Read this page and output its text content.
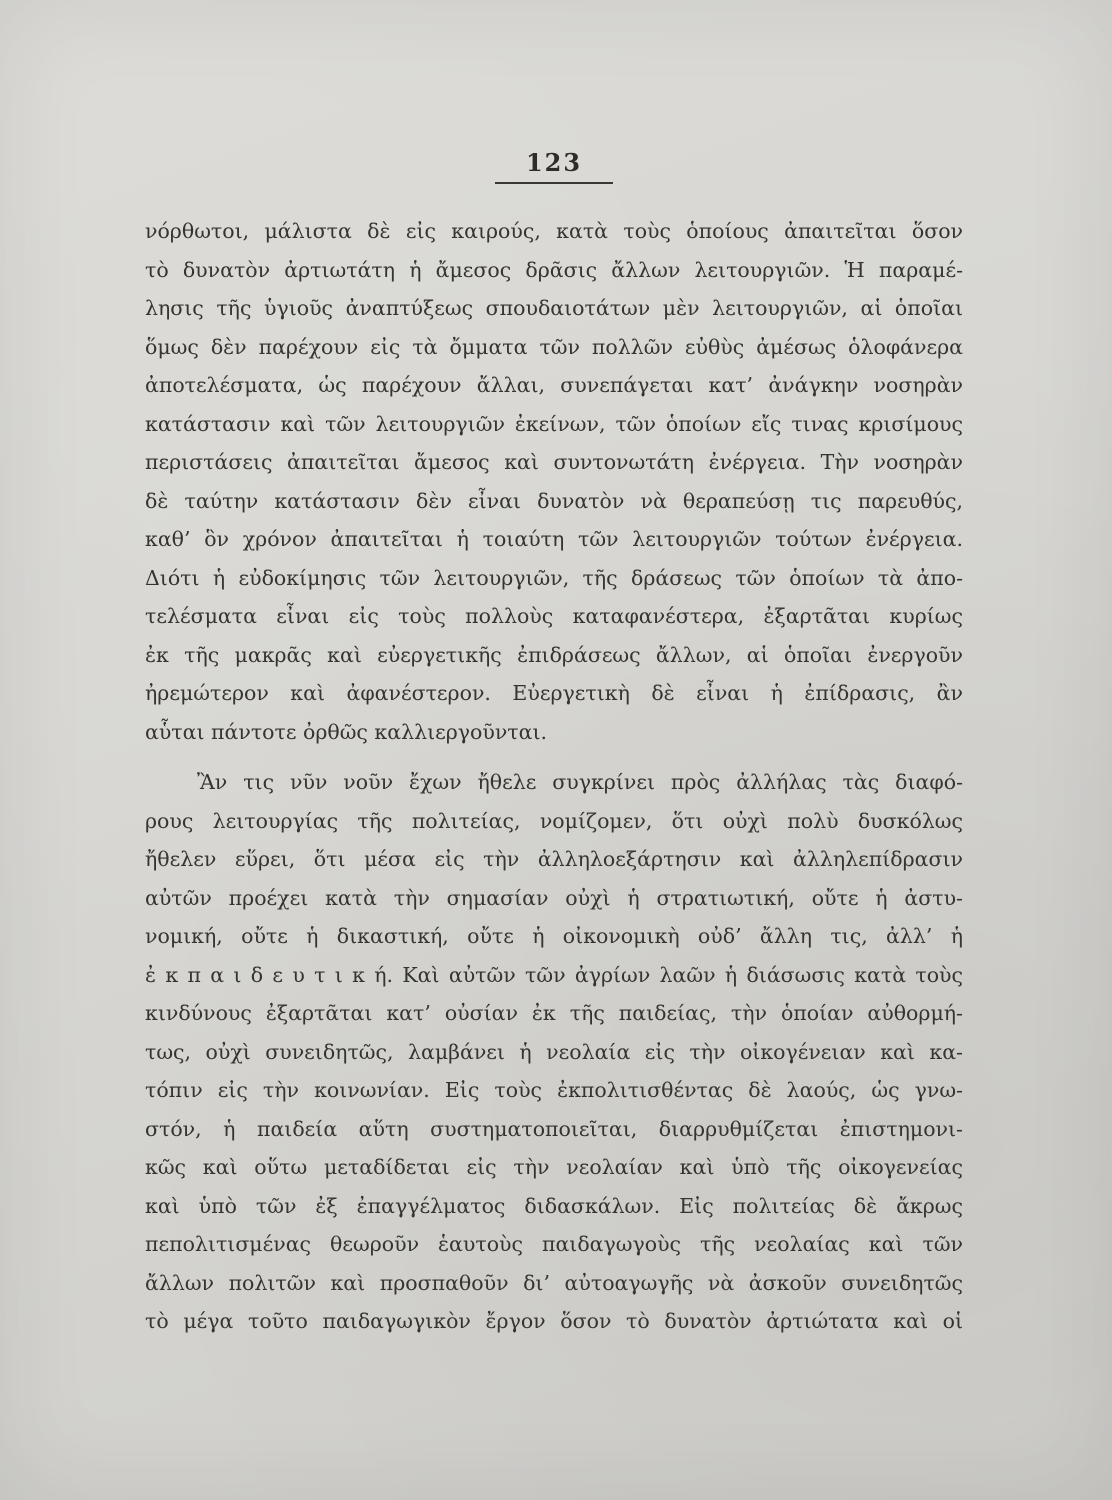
123
νόρθωτοι, μάλιστα δὲ εἰς καιρούς, κατὰ τοὺς ὁποίους ἀπαιτεῖται ὅσον
τὸ δυνατὸν ἀρτιωτάτη ἡ ἄμεσος δρᾶσις ἄλλων λειτουργιῶν. Ἡ παραμέ-
λησις τῆς ὑγιοῦς ἀναπτύξεως σπουδαιοτάτων μὲν λειτουργιῶν, αἱ ὁποῖαι
ὅμως δὲν παρέχουν εἰς τὰ ὄμματα τῶν πολλῶν εὐθὺς ἀμέσως ὁλοφάνερα
ἀποτελέσματα, ὡς παρέχουν ἄλλαι, συνεπάγεται κατ’ ἀνάγκην νοσηρὰν
κατάστασιν καὶ τῶν λειτουργιῶν ἐκείνων, τῶν ὁποίων εἴς τινας κρισίμους
περιστάσεις ἀπαιτεῖται ἄμεσος καὶ συντονωτάτη ἐνέργεια. Τὴν νοσηρὰν
δὲ ταύτην κατάστασιν δὲν εἶναι δυνατὸν νὰ θεραπεύσῃ τις παρευθύς,
καθ’ ὃν χρόνον ἀπαιτεῖται ἡ τοιαύτη τῶν λειτουργιῶν τούτων ἐνέργεια.
Διότι ἡ εὐδοκίμησις τῶν λειτουργιῶν, τῆς δράσεως τῶν ὁποίων τὰ ἀπο-
τελέσματα εἶναι εἰς τοὺς πολλοὺς καταφανέστερα, ἐξαρτᾶται κυρίως
ἐκ τῆς μακρᾶς καὶ εὐεργετικῆς ἐπιδράσεως ἄλλων, αἱ ὁποῖαι ἐνεργοῦν
ἠρεμώτερον καὶ ἀφανέστερον. Εὐεργετικὴ δὲ εἶναι ἡ ἐπίδρασις, ἂν
αὗται πάντοτε ὀρθῶς καλλιεργοῦνται.
Ἂν τις νῦν νοῦν ἔχων ἤθελε συγκρίνει πρὸς ἀλλήλας τὰς διαφό-
ρους λειτουργίας τῆς πολιτείας, νομίζομεν, ὅτι οὐχὶ πολὺ δυσκόλως
ἤθελεν εὕρει, ὅτι μέσα εἰς τὴν ἀλληλοεξάρτησιν καὶ ἀλληλεπίδρασιν
αὐτῶν προέχει κατὰ τὴν σημασίαν οὐχὶ ἡ στρατιωτική, οὔτε ἡ ἀστυ-
νομική, οὔτε ἡ δικαστική, οὔτε ἡ οἰκονομικὴ οὐδ’ ἄλλη τις, ἀλλ’ ἡ
ἐ κ π α ι δ ε υ τ ι κ ή. Καὶ αὐτῶν τῶν ἀγρίων λαῶν ἡ διάσωσις κατὰ τοὺς
κινδύνους ἐξαρτᾶται κατ’ οὐσίαν ἐκ τῆς παιδείας, τὴν ὁποίαν αὐθορμή-
τως, οὐχὶ συνειδητῶς, λαμβάνει ἡ νεολαία εἰς τὴν οἰκογένειαν καὶ κα-
τόπιν εἰς τὴν κοινωνίαν. Εἰς τοὺς ἐκπολιτισθέντας δὲ λαούς, ὡς γνω-
στόν, ἡ παιδεία αὕτη συστηματοποιεῖται, διαρρυθμίζεται ἐπιστημονι-
κῶς καὶ οὕτω μεταδίδεται εἰς τὴν νεολαίαν καὶ ὑπὸ τῆς οἰκογενείας
καὶ ὑπὸ τῶν ἐξ ἐπαγγέλματος διδασκάλων. Εἰς πολιτείας δὲ ἄκρως
πεπολιτισμένας θεωροῦν ἑαυτοὺς παιδαγωγοὺς τῆς νεολαίας καὶ τῶν
ἄλλων πολιτῶν καὶ προσπαθοῦν δι’ αὐτοαγωγῆς νὰ ἀσκοῦν συνειδητῶς
τὸ μέγα τοῦτο παιδαγωγικὸν ἔργον ὅσον τὸ δυνατὸν ἀρτιώτατα καὶ οἱ
